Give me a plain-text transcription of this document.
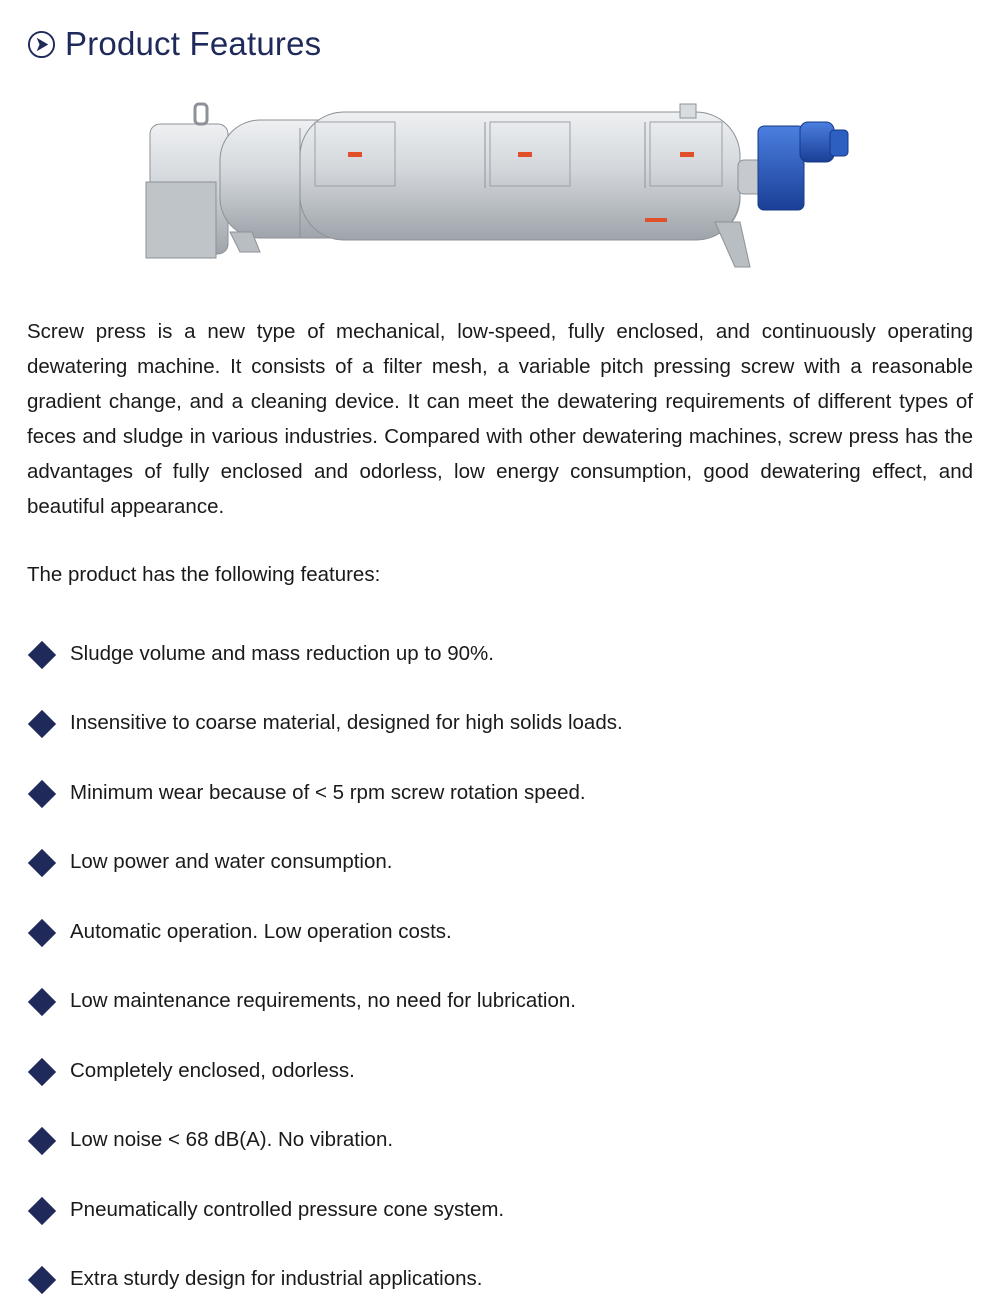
Product Features

Screw press is a new type of mechanical, low-speed, fully enclosed, and continuously operating dewatering machine. It consists of a filter mesh, a variable pitch pressing screw with a reasonable gradient change, and a cleaning device. It can meet the dewatering requirements of different types of feces and sludge in various industries. Compared with other dewatering machines, screw press has the advantages of fully enclosed and odorless, low energy consumption, good dewatering effect, and beautiful appearance.

The product has the following features:

Sludge volume and mass reduction up to 90%.
Insensitive to coarse material, designed for high solids loads.
Minimum wear because of < 5 rpm screw rotation speed.
Low power and water consumption.
Automatic operation. Low operation costs.
Low maintenance requirements, no need for lubrication.
Completely enclosed, odorless.
Low noise < 68 dB(A). No vibration.
Pneumatically controlled pressure cone system.
Extra sturdy design for industrial applications.
